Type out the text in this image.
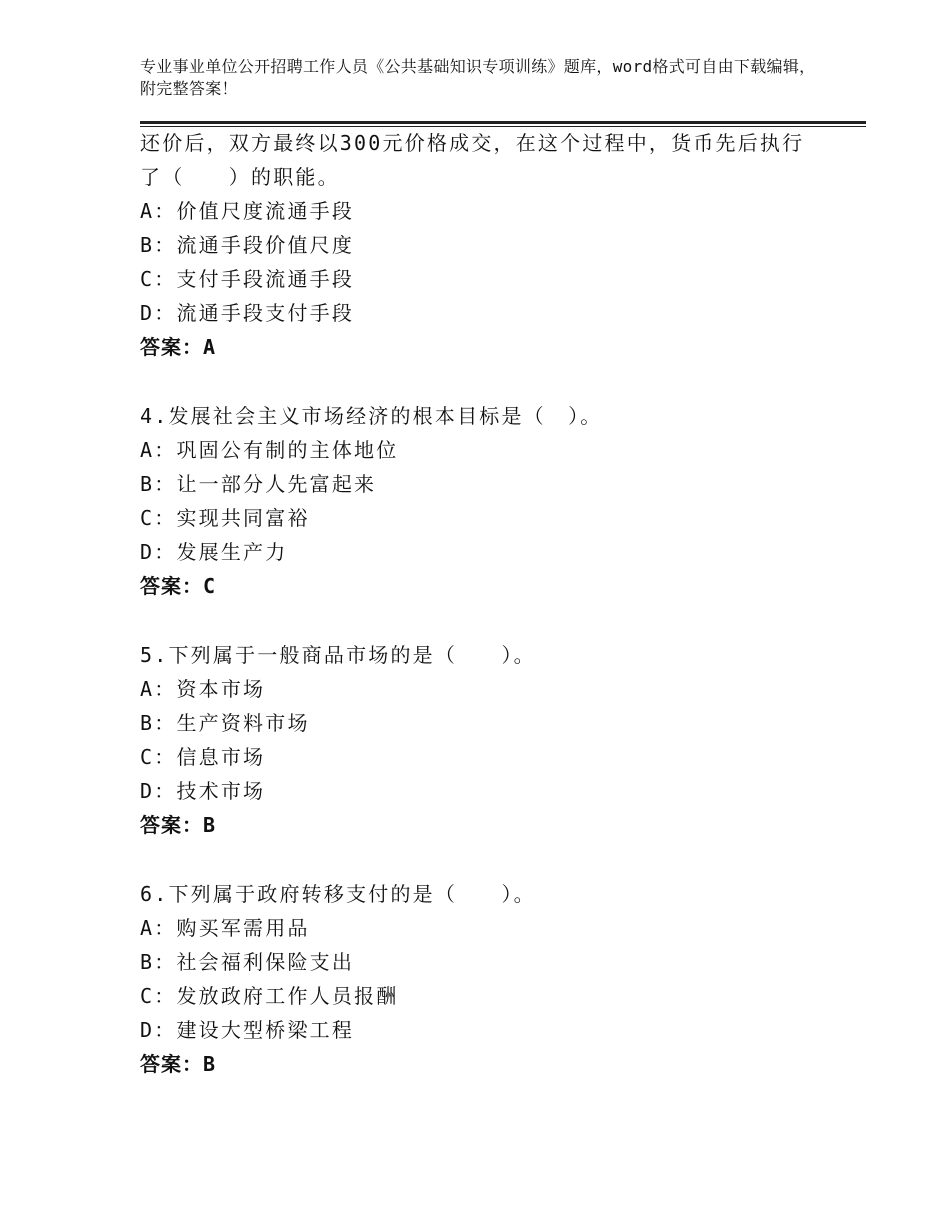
专业事业单位公开招聘工作人员《公共基础知识专项训练》题库，word格式可自由下载编辑，附完整答案！
还价后，双方最终以300元价格成交，在这个过程中，货币先后执行
了（　　）的职能。
A：价值尺度流通手段
B：流通手段价值尺度
C：支付手段流通手段
D：流通手段支付手段
答案：A
4.发展社会主义市场经济的根本目标是（　）。
A：巩固公有制的主体地位
B：让一部分人先富起来
C：实现共同富裕
D：发展生产力
答案：C
5.下列属于一般商品市场的是（　　）。
A：资本市场
B：生产资料市场
C：信息市场
D：技术市场
答案：B
6.下列属于政府转移支付的是（　　）。
A：购买军需用品
B：社会福利保险支出
C：发放政府工作人员报酬
D：建设大型桥梁工程
答案：B
